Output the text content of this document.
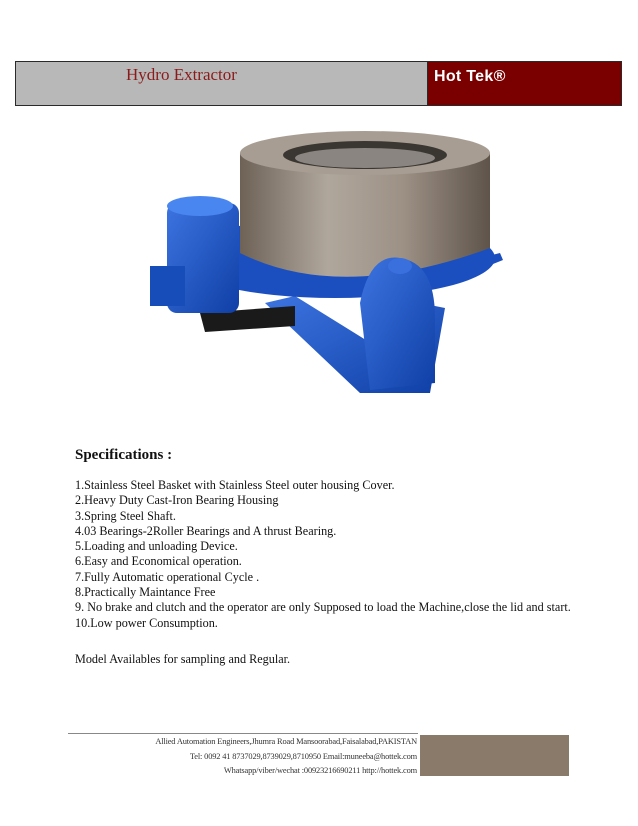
Hydro Extractor	Hot Tek®
Specifications :
1.Stainless Steel Basket with Stainless Steel outer housing Cover.
2.Heavy Duty Cast-Iron Bearing Housing
3.Spring Steel Shaft.
4.03 Bearings-2Roller Bearings and A thrust Bearing.
5.Loading and unloading Device.
6.Easy and Economical operation.
7.Fully Automatic operational Cycle .
8.Practically Maintance Free
9. No brake and clutch and the operator are only Supposed to load the Machine,close the lid and start.
10.Low power Consumption.
Model Availables for sampling and Regular.
Allied Automation Engineers,Jhumra Road Mansoorabad,Faisalabad,PAKISTAN
Tel: 0092 41 8737029,8739029,8710950 Email:muneeba@hottek.com
Whatsapp/viber/wechat :00923216690211 http://hottek.com
